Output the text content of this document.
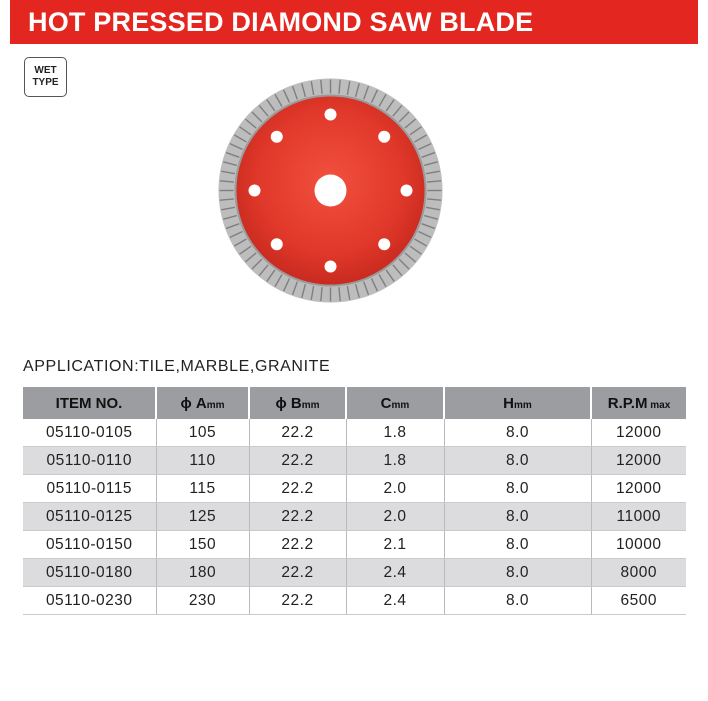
HOT PRESSED DIAMOND SAW BLADE
WET
TYPE
APPLICATION:TILE,MARBLE,GRANITE
ITEM NO.	ϕ Amm	ϕ Bmm	Cmm	Hmm	R.P.M max
05110-0105	105	22.2	1.8	8.0	12000
05110-0110	110	22.2	1.8	8.0	12000
05110-0115	115	22.2	2.0	8.0	12000
05110-0125	125	22.2	2.0	8.0	11000
05110-0150	150	22.2	2.1	8.0	10000
05110-0180	180	22.2	2.4	8.0	8000
05110-0230	230	22.2	2.4	8.0	6500
